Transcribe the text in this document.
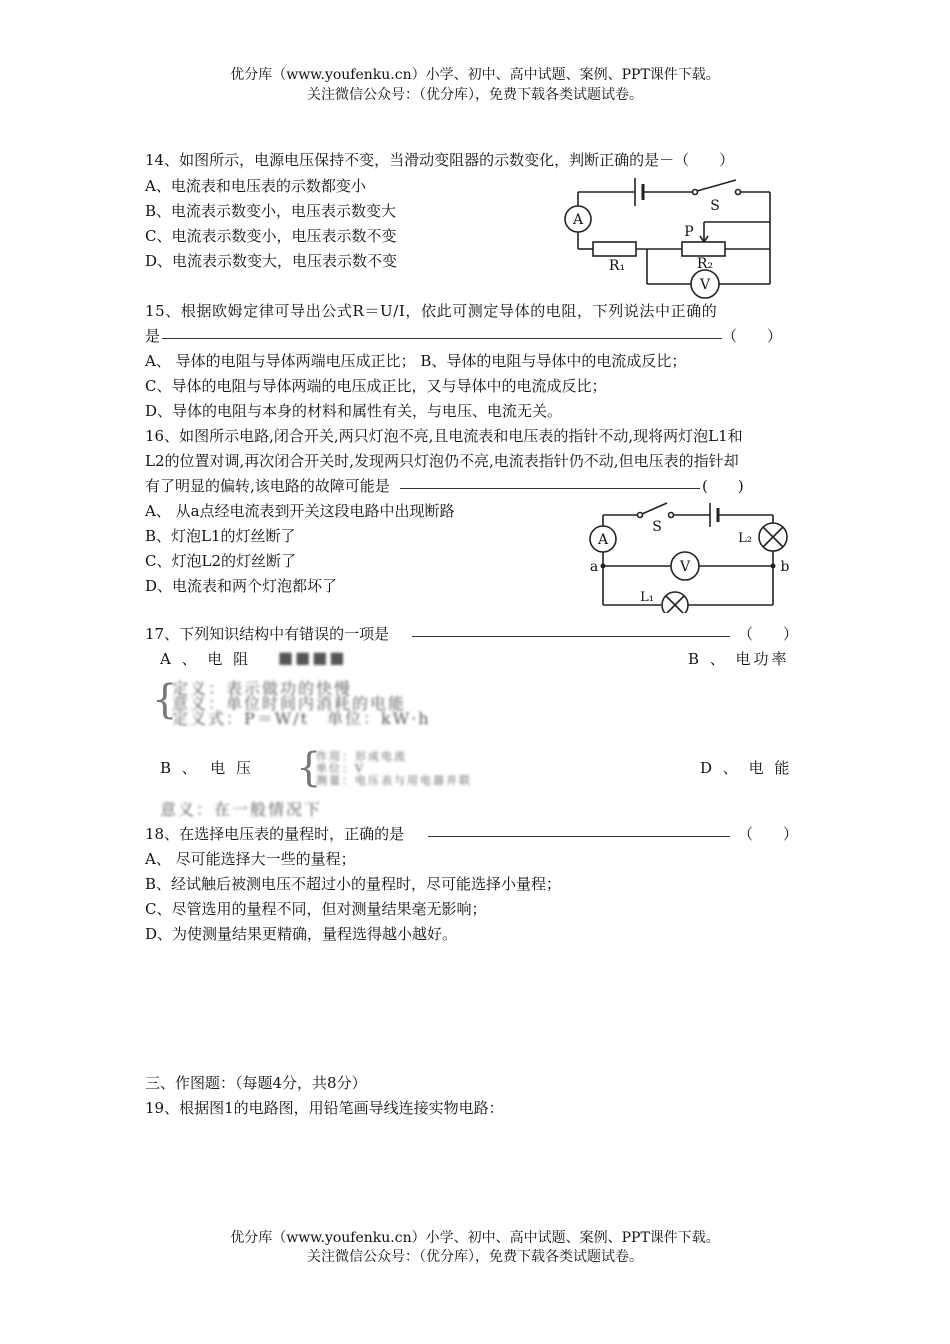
优分库（www.youfenku.cn）小学、初中、高中试题、案例、PPT课件下载。
关注微信公众号：（优分库），免费下载各类试题试卷。
14、如图所示，电源电压保持不变，当滑动变阻器的示数变化，判断正确的是－（　　）
A、电流表和电压表的示数都变小
B、电流表示数变小，电压表示数变大
C、电流表示数变小，电压表示数不变
D、电流表示数变大，电压表示数不变
A
S
P
R₁	R₂
V
15、根据欧姆定律可导出公式R＝U/I，依此可测定导体的电阻，下列说法中正确的
是	（　　）
A、 导体的电阻与导体两端电压成正比； B、导体的电阻与导体中的电流成反比；
C、导体的电阻与导体两端的电压成正比，又与导体中的电流成反比；
D、导体的电阻与本身的材料和属性有关，与电压、电流无关。
16、如图所示电路,闭合开关,两只灯泡不亮,且电流表和电压表的指针不动,现将两灯泡L1和
L2的位置对调,再次闭合开关时,发现两只灯泡仍不亮,电流表指针仍不动,但电压表的指针却
有了明显的偏转,该电路的故障可能是	(　　)
A、 从a点经电流表到开关这段电路中出现断路
B、灯泡L1的灯丝断了
C、灯泡L2的灯丝断了
D、电流表和两个灯泡都坏了
S
A	L₂
V
a	b
L₁
17、下列知识结构中有错误的一项是	（　　）
A 、 电 阻 ■■■■	B 、 电功率
{
定义：表示做功的快慢
意义：单位时间内消耗的电能
定义式：P＝W/t　单位：kW·h
B 、　电 压 {
作用：形成电流
单位：V
测量：电压表与用电器并联
D 、 电 能
意义：在一般情况下
18、在选择电压表的量程时，正确的是	（　　）
A、 尽可能选择大一些的量程；
B、经试触后被测电压不超过小的量程时，尽可能选择小量程；
C、尽管选用的量程不同，但对测量结果毫无影响；
D、为使测量结果更精确，量程选得越小越好。
三、作图题：（每题4分，共8分）
19、根据图1的电路图，用铅笔画导线连接实物电路：
优分库（www.youfenku.cn）小学、初中、高中试题、案例、PPT课件下载。
关注微信公众号：（优分库），免费下载各类试题试卷。
